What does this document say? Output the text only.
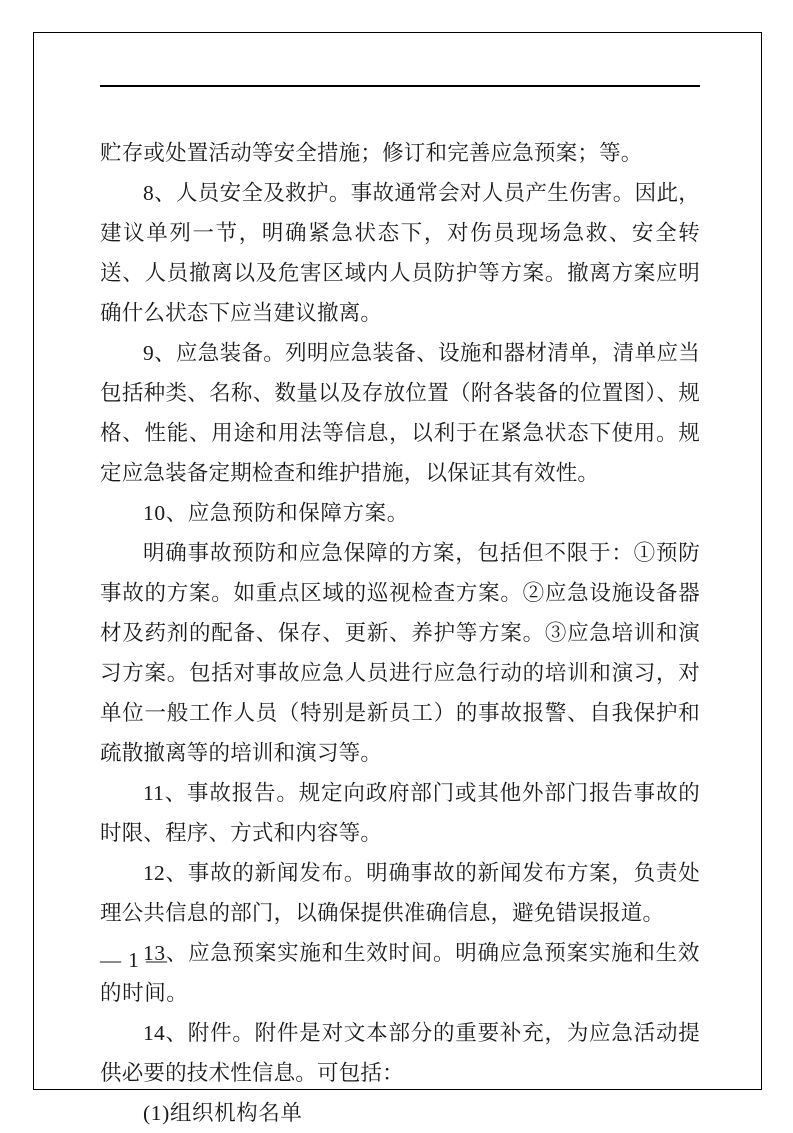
贮存或处置活动等安全措施；修订和完善应急预案；等。

8、人员安全及救护。事故通常会对人员产生伤害。因此，建议单列一节，明确紧急状态下，对伤员现场急救、安全转送、人员撤离以及危害区域内人员防护等方案。撤离方案应明确什么状态下应当建议撤离。

9、应急装备。列明应急装备、设施和器材清单，清单应当包括种类、名称、数量以及存放位置（附各装备的位置图）、规格、性能、用途和用法等信息，以利于在紧急状态下使用。规定应急装备定期检查和维护措施，以保证其有效性。

10、应急预防和保障方案。

明确事故预防和应急保障的方案，包括但不限于：①预防事故的方案。如重点区域的巡视检查方案。②应急设施设备器材及药剂的配备、保存、更新、养护等方案。③应急培训和演习方案。包括对事故应急人员进行应急行动的培训和演习，对单位一般工作人员（特别是新员工）的事故报警、自我保护和疏散撤离等的培训和演习等。

11、事故报告。规定向政府部门或其他外部门报告事故的时限、程序、方式和内容等。

12、事故的新闻发布。明确事故的新闻发布方案，负责处理公共信息的部门，以确保提供准确信息，避免错误报道。

13、应急预案实施和生效时间。明确应急预案实施和生效的时间。

14、附件。附件是对文本部分的重要补充，为应急活动提供必要的技术性信息。可包括：

(1)组织机构名单

— 1 —
